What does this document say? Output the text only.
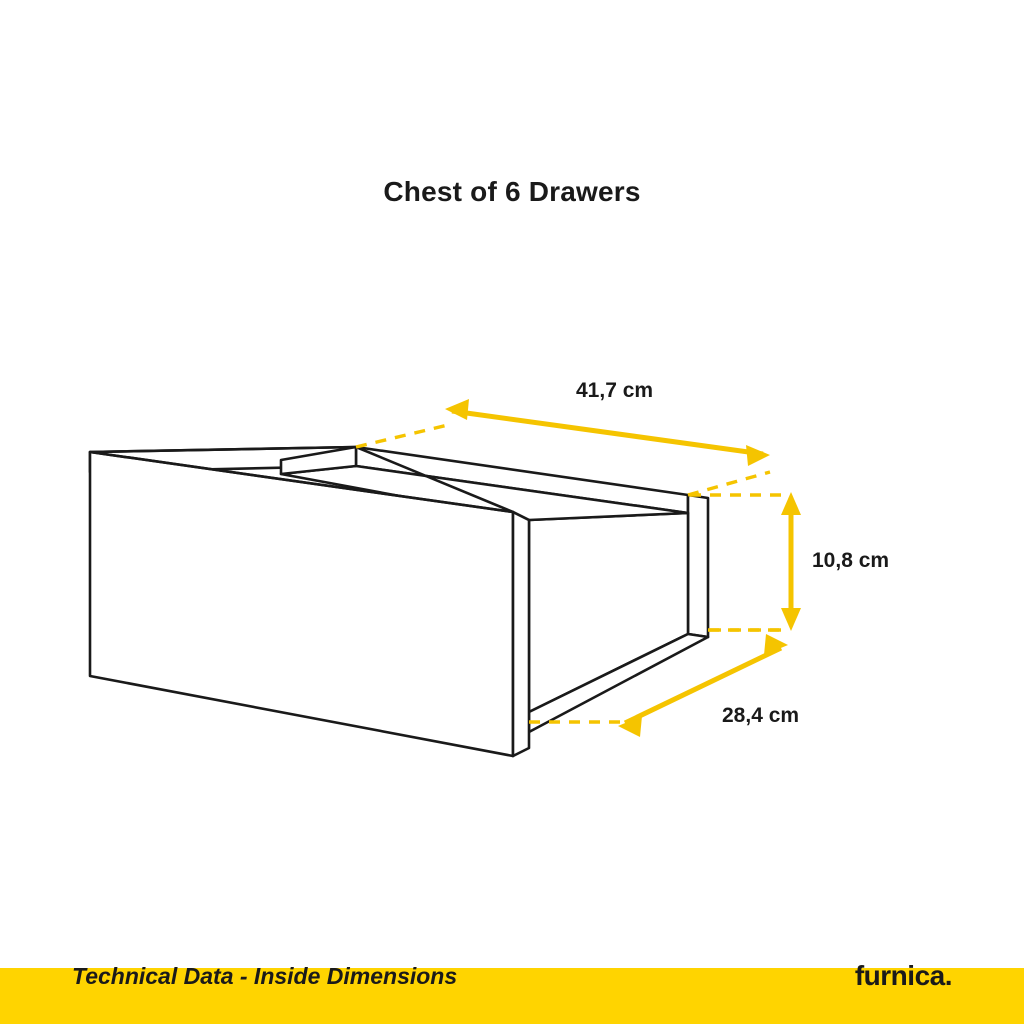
Chest of 6 Drawers
41,7 cm
10,8 cm
28,4 cm
Technical Data - Inside Dimensions	furnica.
